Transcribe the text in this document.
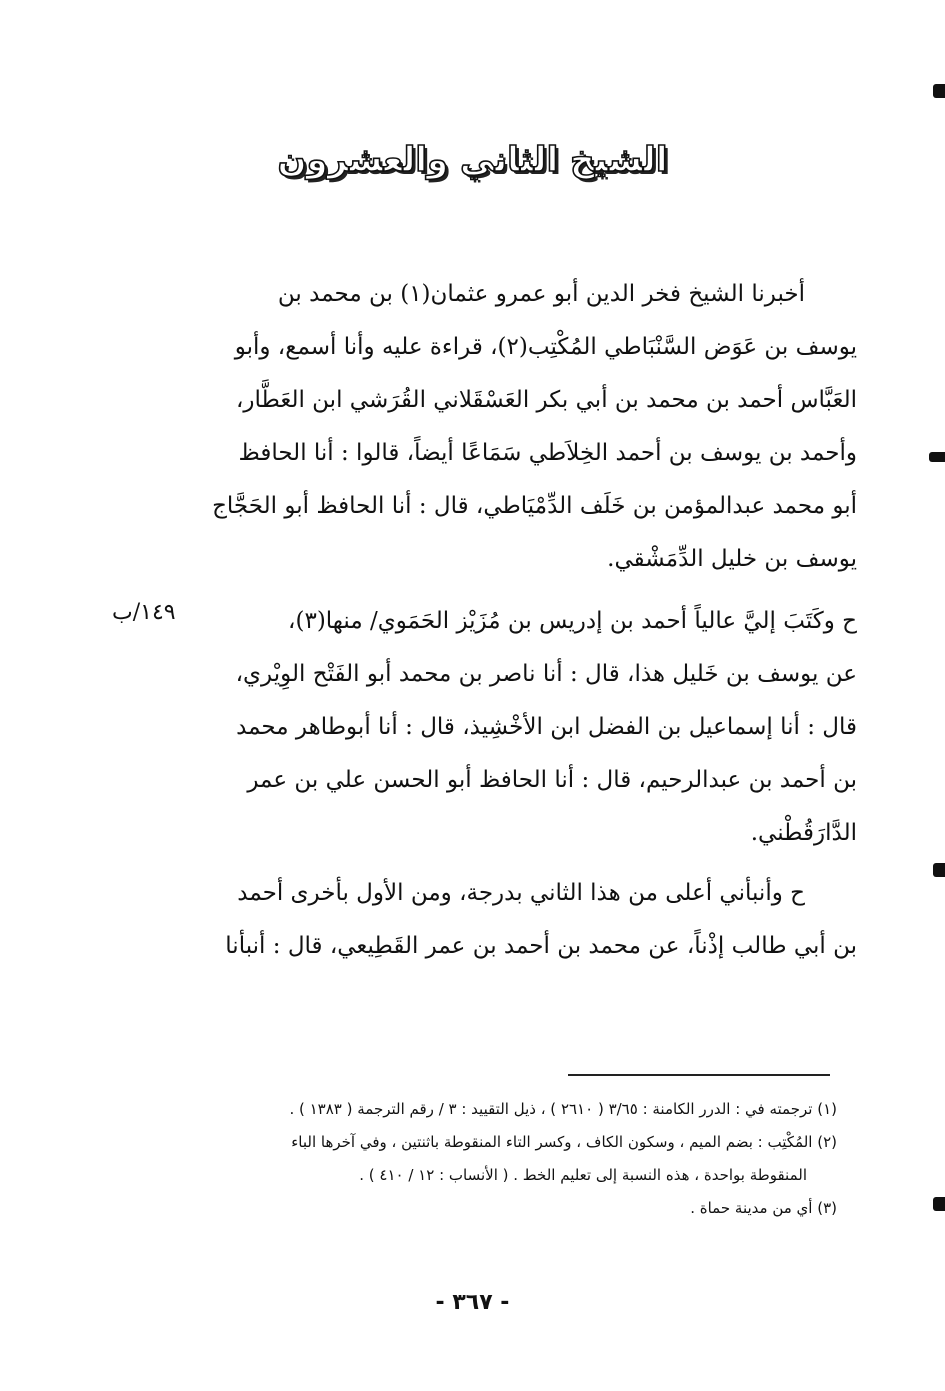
الشيخ الثاني والعشرون
أخبرنا الشيخ فخر الدين أبو عمرو عثمان(١) بن محمد بن
يوسف بن عَوَض السَّنْبَاطي المُكْتِب(٢)، قراءة عليه وأنا أسمع، وأبو
العَبَّاس أحمد بن محمد بن أبي بكر العَسْقَلاني القُرَشي ابن العَطَّار،
وأحمد بن يوسف بن أحمد الخِلاَطي سَمَاعًا أيضاً، قالوا : أنا الحافظ
أبو محمد عبدالمؤمن بن خَلَف الدِّمْيَاطي، قال : أنا الحافظ أبو الحَجَّاج
يوسف بن خليل الدِّمَشْقي.
١٤٩/ب	ح وكَتَبَ إليَّ عالياً أحمد بن إدريس بن مُزَيْز الحَمَوي/ منها(٣)،
عن يوسف بن خَليل هذا، قال : أنا ناصر بن محمد أبو الفَتْح الوِيْري،
قال : أنا إسماعيل بن الفضل ابن الأخْشِيذ، قال : أنا أبوطاهر محمد
بن أحمد بن عبدالرحيم، قال : أنا الحافظ أبو الحسن علي بن عمر
الدَّارَقُطْني.
ح وأنبأني أعلى من هذا الثاني بدرجة، ومن الأول بأخرى أحمد
بن أبي طالب إذْناً، عن محمد بن أحمد بن عمر القَطِيعي، قال : أنبأنا
(١) ترجمته في : الدرر الكامنة : ٣/٦٥ ( ٢٦١٠ ) ، ذيل التقييد : ٣ / رقم الترجمة ( ١٣٨٣ ) .
(٢) المُكْتِب : بضم الميم ، وسكون الكاف ، وكسر التاء المنقوطة باثنتين ، وفي آخرها الباء
المنقوطة بواحدة ، هذه النسبة إلى تعليم الخط . ( الأنساب : ١٢ / ٤١٠ ) .
(٣) أي من مدينة حماة .
- ٣٦٧ -
